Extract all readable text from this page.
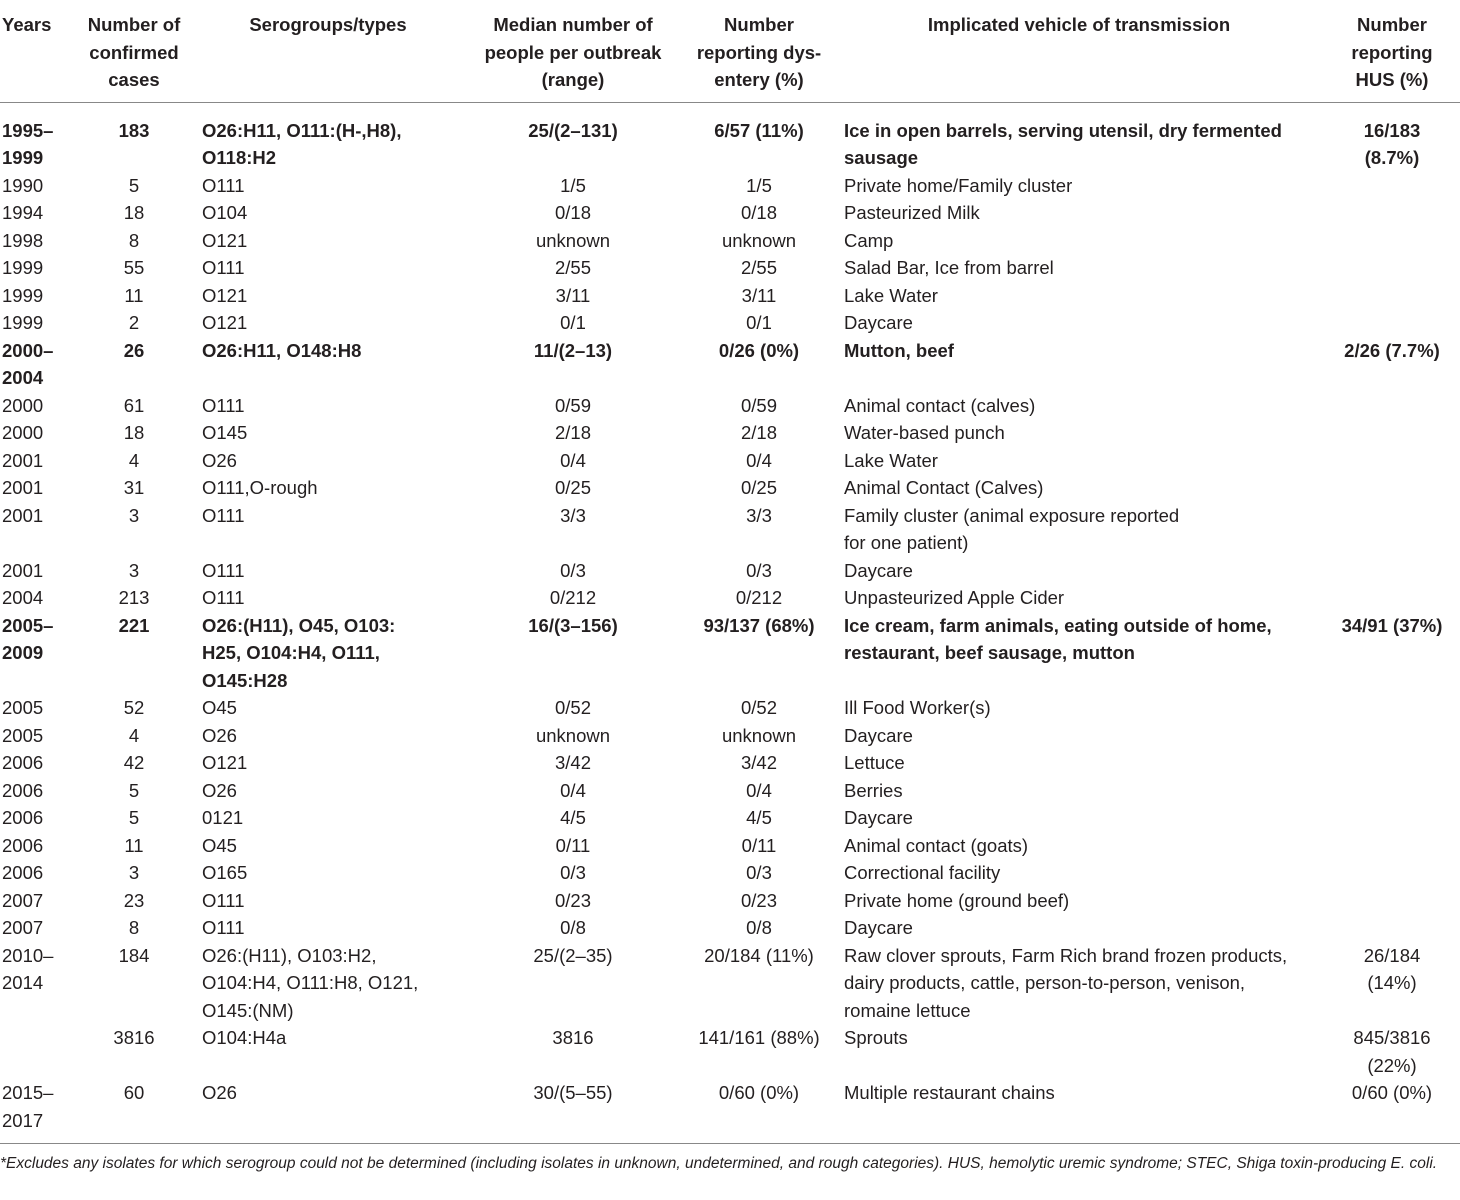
Years	Number of
confirmed
cases	Serogroups/types	Median number of
people per outbreak
(range)	Number
reporting dys-
entery (%)	Implicated vehicle of transmission	Number
reporting
HUS (%)
1995–
1999	183	O26:H11, O111:(H-,H8),
O118:H2	25/(2–131)	6/57 (11%)	Ice in open barrels, serving utensil, dry fermented
sausage	16/183
(8.7%)
1990	5	O111	1/5	1/5	Private home/Family cluster	
1994	18	O104	0/18	0/18	Pasteurized Milk	
1998	8	O121	unknown	unknown	Camp	
1999	55	O111	2/55	2/55	Salad Bar, Ice from barrel	
1999	11	O121	3/11	3/11	Lake Water	
1999	2	O121	0/1	0/1	Daycare	
2000–
2004	26	O26:H11, O148:H8	11/(2–13)	0/26 (0%)	Mutton, beef	2/26 (7.7%)
2000	61	O111	0/59	0/59	Animal contact (calves)	
2000	18	O145	2/18	2/18	Water-based punch	
2001	4	O26	0/4	0/4	Lake Water	
2001	31	O111,O-rough	0/25	0/25	Animal Contact (Calves)	
2001	3	O111	3/3	3/3	Family cluster (animal exposure reported
for one patient)	
2001	3	O111	0/3	0/3	Daycare	
2004	213	O111	0/212	0/212	Unpasteurized Apple Cider	
2005–
2009	221	O26:(H11), O45, O103:
H25, O104:H4, O111,
O145:H28	16/(3–156)	93/137 (68%)	Ice cream, farm animals, eating outside of home,
restaurant, beef sausage, mutton	34/91 (37%)
2005	52	O45	0/52	0/52	Ill Food Worker(s)	
2005	4	O26	unknown	unknown	Daycare	
2006	42	O121	3/42	3/42	Lettuce	
2006	5	O26	0/4	0/4	Berries	
2006	5	0121	4/5	4/5	Daycare	
2006	11	O45	0/11	0/11	Animal contact (goats)	
2006	3	O165	0/3	0/3	Correctional facility	
2007	23	O111	0/23	0/23	Private home (ground beef)	
2007	8	O111	0/8	0/8	Daycare	
2010–
2014	184	O26:(H11), O103:H2,
O104:H4, O111:H8, O121,
O145:(NM)	25/(2–35)	20/184 (11%)	Raw clover sprouts, Farm Rich brand frozen products,
dairy products, cattle, person-to-person, venison,
romaine lettuce	26/184
(14%)
	3816	O104:H4a	3816	141/161 (88%)	Sprouts	845/3816
(22%)
2015–
2017	60	O26	30/(5–55)	0/60 (0%)	Multiple restaurant chains	0/60 (0%)
*Excludes any isolates for which serogroup could not be determined (including isolates in unknown, undetermined, and rough categories). HUS, hemolytic uremic syndrome; STEC, Shiga toxin-producing E. coli.
